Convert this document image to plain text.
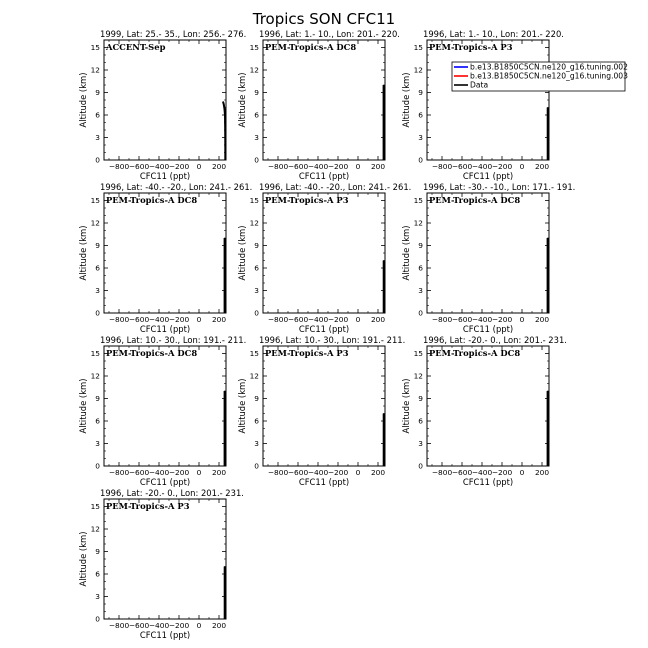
Tropics SON CFC11
1999, Lat: 25.- 35., Lon: 256.- 276.
ACCENT-Sep
0
3
6
9
12
15
−800 −600 −400 −200 0 200
CFC11 (ppt)
Altitude (km)
1996, Lat: 1.- 10., Lon: 201.- 220.
PEM-Tropics-A DC8
0
3
6
9
12
15
−800 −600 −400 −200 0 200
CFC11 (ppt)
Altitude (km)
1996, Lat: 1.- 10., Lon: 201.- 220.
PEM-Tropics-A P3
0
3
6
9
12
15
−800 −600 −400 −200 0 200
CFC11 (ppt)
Altitude (km)
1996, Lat: -40.- -20., Lon: 241.- 261.
PEM-Tropics-A DC8
0
3
6
9
12
15
−800 −600 −400 −200 0 200
CFC11 (ppt)
Altitude (km)
1996, Lat: -40.- -20., Lon: 241.- 261.
PEM-Tropics-A P3
0
3
6
9
12
15
−800 −600 −400 −200 0 200
CFC11 (ppt)
Altitude (km)
1996, Lat: -30.- -10., Lon: 171.- 191.
PEM-Tropics-A DC8
0
3
6
9
12
15
−800 −600 −400 −200 0 200
CFC11 (ppt)
Altitude (km)
1996, Lat: 10.- 30., Lon: 191.- 211.
PEM-Tropics-A DC8
0
3
6
9
12
15
−800 −600 −400 −200 0 200
CFC11 (ppt)
Altitude (km)
1996, Lat: 10.- 30., Lon: 191.- 211.
PEM-Tropics-A P3
0
3
6
9
12
15
−800 −600 −400 −200 0 200
CFC11 (ppt)
Altitude (km)
1996, Lat: -20.- 0., Lon: 201.- 231.
PEM-Tropics-A DC8
0
3
6
9
12
15
−800 −600 −400 −200 0 200
CFC11 (ppt)
Altitude (km)
1996, Lat: -20.- 0., Lon: 201.- 231.
PEM-Tropics-A P3
0
3
6
9
12
15
−800 −600 −400 −200 0 200
CFC11 (ppt)
Altitude (km)
b.e13.B1850C5CN.ne120_g16.tuning.002
b.e13.B1850C5CN.ne120_g16.tuning.003
Data
